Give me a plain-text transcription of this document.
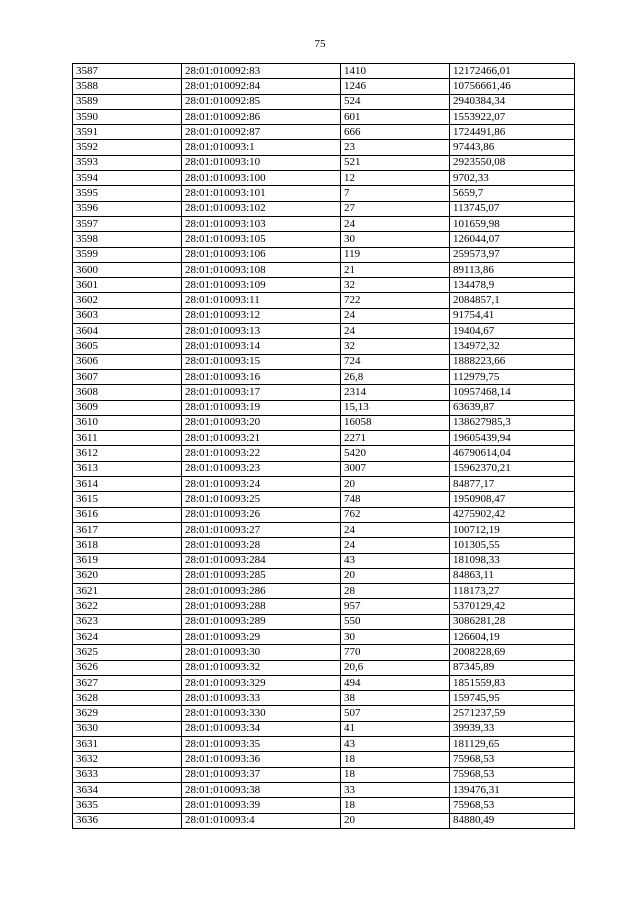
75
3587	28:01:010092:83	1410	12172466,01
3588	28:01:010092:84	1246	10756661,46
3589	28:01:010092:85	524	2940384,34
3590	28:01:010092:86	601	1553922,07
3591	28:01:010092:87	666	1724491,86
3592	28:01:010093:1	23	97443,86
3593	28:01:010093:10	521	2923550,08
3594	28:01:010093:100	12	9702,33
3595	28:01:010093:101	7	5659,7
3596	28:01:010093:102	27	113745,07
3597	28:01:010093:103	24	101659,98
3598	28:01:010093:105	30	126044,07
3599	28:01:010093:106	119	259573,97
3600	28:01:010093:108	21	89113,86
3601	28:01:010093:109	32	134478,9
3602	28:01:010093:11	722	2084857,1
3603	28:01:010093:12	24	91754,41
3604	28:01:010093:13	24	19404,67
3605	28:01:010093:14	32	134972,32
3606	28:01:010093:15	724	1888223,66
3607	28:01:010093:16	26,8	112979,75
3608	28:01:010093:17	2314	10957468,14
3609	28:01:010093:19	15,13	63639,87
3610	28:01:010093:20	16058	138627985,3
3611	28:01:010093:21	2271	19605439,94
3612	28:01:010093:22	5420	46790614,04
3613	28:01:010093:23	3007	15962370,21
3614	28:01:010093:24	20	84877,17
3615	28:01:010093:25	748	1950908,47
3616	28:01:010093:26	762	4275902,42
3617	28:01:010093:27	24	100712,19
3618	28:01:010093:28	24	101305,55
3619	28:01:010093:284	43	181098,33
3620	28:01:010093:285	20	84863,11
3621	28:01:010093:286	28	118173,27
3622	28:01:010093:288	957	5370129,42
3623	28:01:010093:289	550	3086281,28
3624	28:01:010093:29	30	126604,19
3625	28:01:010093:30	770	2008228,69
3626	28:01:010093:32	20,6	87345,89
3627	28:01:010093:329	494	1851559,83
3628	28:01:010093:33	38	159745,95
3629	28:01:010093:330	507	2571237,59
3630	28:01:010093:34	41	39939,33
3631	28:01:010093:35	43	181129,65
3632	28:01:010093:36	18	75968,53
3633	28:01:010093:37	18	75968,53
3634	28:01:010093:38	33	139476,31
3635	28:01:010093:39	18	75968,53
3636	28:01:010093:4	20	84880,49
